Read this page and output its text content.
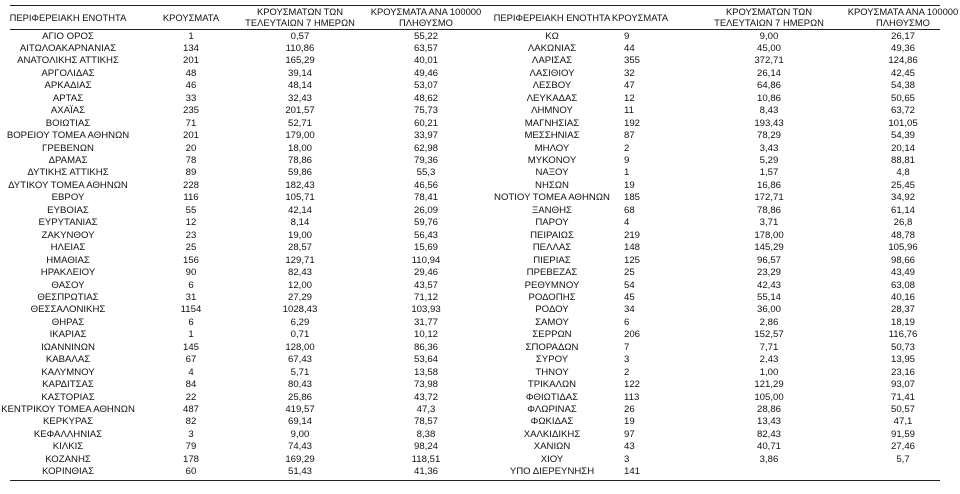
ΠΕΡΙΦΕΡΕΙΑΚΗ ΕΝΟΤΗΤΑ	ΚΡΟΥΣΜΑΤΑ	ΚΡΟΥΣΜΑΤΩΝ ΤΩΝ
ΤΕΛΕΥΤΑΙΩΝ 7 ΗΜΕΡΩΝ
ΚΡΟΥΣΜΑΤΑ ΑΝΑ 100000
ΠΛΗΘΥΣΜΟ
ΑΓΙΟ ΟΡΟΣ	1	0,57	55,22
ΑΙΤΩΛΟΑΚΑΡΝΑΝΙΑΣ	134	110,86	63,57
ΑΝΑΤΟΛΙΚΗΣ ΑΤΤΙΚΗΣ	201	165,29	40,01
ΑΡΓΟΛΙΔΑΣ	48	39,14	49,46
ΑΡΚΑΔΙΑΣ	46	48,14	53,07
ΑΡΤΑΣ	33	32,43	48,62
ΑΧΑΪΑΣ	235	201,57	75,73
ΒΟΙΩΤΙΑΣ	71	52,71	60,21
ΒΟΡΕΙΟΥ ΤΟΜΕΑ ΑΘΗΝΩΝ	201	179,00	33,97
ΓΡΕΒΕΝΩΝ	20	18,00	62,98
ΔΡΑΜΑΣ	78	78,86	79,36
ΔΥΤΙΚΗΣ ΑΤΤΙΚΗΣ	89	59,86	55,3
ΔΥΤΙΚΟΥ ΤΟΜΕΑ ΑΘΗΝΩΝ	228	182,43	46,56
ΕΒΡΟΥ	116	105,71	78,41
ΕΥΒΟΙΑΣ	55	42,14	26,09
ΕΥΡΥΤΑΝΙΑΣ	12	8,14	59,76
ΖΑΚΥΝΘΟΥ	23	19,00	56,43
ΗΛΕΙΑΣ	25	28,57	15,69
ΗΜΑΘΙΑΣ	156	129,71	110,94
ΗΡΑΚΛΕΙΟΥ	90	82,43	29,46
ΘΑΣΟΥ	6	12,00	43,57
ΘΕΣΠΡΩΤΙΑΣ	31	27,29	71,12
ΘΕΣΣΑΛΟΝΙΚΗΣ	1154	1028,43	103,93
ΘΗΡΑΣ	6	6,29	31,77
ΙΚΑΡΙΑΣ	1	0,71	10,12
ΙΩΑΝΝΙΝΩΝ	145	128,00	86,36
ΚΑΒΑΛΑΣ	67	67,43	53,64
ΚΑΛΥΜΝΟΥ	4	5,71	13,58
ΚΑΡΔΙΤΣΑΣ	84	80,43	73,98
ΚΑΣΤΟΡΙΑΣ	22	25,86	43,72
ΚΕΝΤΡΙΚΟΥ ΤΟΜΕΑ ΑΘΗΝΩΝ	487	419,57	47,3
ΚΕΡΚΥΡΑΣ	82	69,14	78,57
ΚΕΦΑΛΛΗΝΙΑΣ	3	9,00	8,38
ΚΙΛΚΙΣ	79	74,43	98,24
ΚΟΖΑΝΗΣ	178	169,29	118,51
ΚΟΡΙΝΘΙΑΣ	60	51,43	41,36
ΠΕΡΙΦΕΡΕΙΑΚΗ ΕΝΟΤΗΤΑ ΚΡΟΥΣΜΑΤΑ	ΚΡΟΥΣΜΑΤΩΝ ΤΩΝ
ΤΕΛΕΥΤΑΙΩΝ 7 ΗΜΕΡΩΝ
ΚΡΟΥΣΜΑΤΑ ΑΝΑ 100000
ΠΛΗΘΥΣΜΟ
ΚΩ	9	9,00	26,17
ΛΑΚΩΝΙΑΣ	44	45,00	49,36
ΛΑΡΙΣΑΣ	355	372,71	124,86
ΛΑΣΙΘΙΟΥ	32	26,14	42,45
ΛΕΣΒΟΥ	47	64,86	54,38
ΛΕΥΚΑΔΑΣ	12	10,86	50,65
ΛΗΜΝΟΥ	11	8,43	63,72
ΜΑΓΝΗΣΙΑΣ	192	193,43	101,05
ΜΕΣΣΗΝΙΑΣ	87	78,29	54,39
ΜΗΛΟΥ	2	3,43	20,14
ΜΥΚΟΝΟΥ	9	5,29	88,81
ΝΑΞΟΥ	1	1,57	4,8
ΝΗΣΩΝ	19	16,86	25,45
ΝΟΤΙΟΥ ΤΟΜΕΑ ΑΘΗΝΩΝ	185	172,71	34,92
ΞΑΝΘΗΣ	68	78,86	61,14
ΠΑΡΟΥ	4	3,71	26,8
ΠΕΙΡΑΙΩΣ	219	178,00	48,78
ΠΕΛΛΑΣ	148	145,29	105,96
ΠΙΕΡΙΑΣ	125	96,57	98,66
ΠΡΕΒΕΖΑΣ	25	23,29	43,49
ΡΕΘΥΜΝΟΥ	54	42,43	63,08
ΡΟΔΟΠΗΣ	45	55,14	40,16
ΡΟΔΟΥ	34	36,00	28,37
ΣΑΜΟΥ	6	2,86	18,19
ΣΕΡΡΩΝ	206	152,57	116,76
ΣΠΟΡΑΔΩΝ	7	7,71	50,73
ΣΥΡΟΥ	3	2,43	13,95
ΤΗΝΟΥ	2	1,00	23,16
ΤΡΙΚΑΛΩΝ	122	121,29	93,07
ΦΘΙΩΤΙΔΑΣ	113	105,00	71,41
ΦΛΩΡΙΝΑΣ	26	28,86	50,57
ΦΩΚΙΔΑΣ	19	13,43	47,1
ΧΑΛΚΙΔΙΚΗΣ	97	82,43	91,59
ΧΑΝΙΩΝ	43	40,71	27,46
ΧΙΟΥ	3	3,86	5,7
ΥΠΟ ΔΙΕΡΕΥΝΗΣΗ	141
